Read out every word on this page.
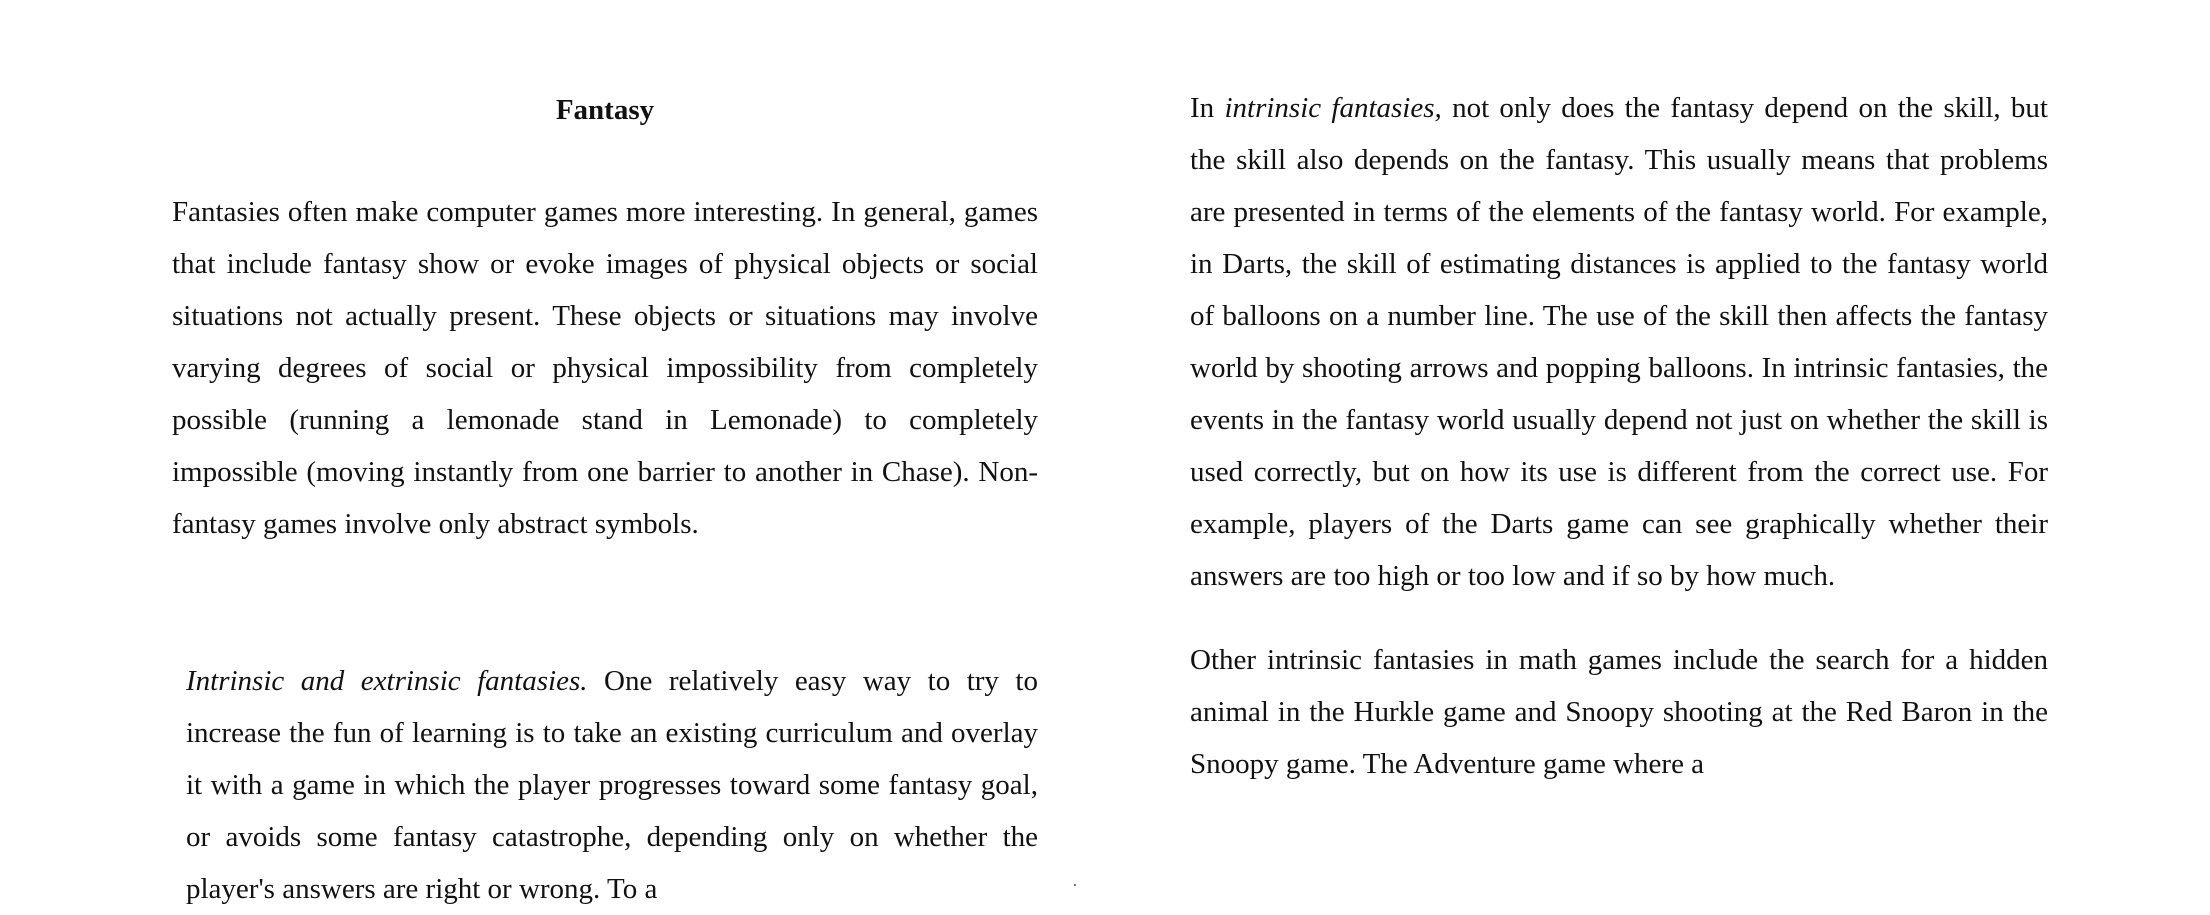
Fantasy

Fantasies often make computer games more interesting. In general, games that include fantasy show or evoke images of physical objects or social situations not actually present. These objects or situations may involve varying degrees of social or physical impossibility from completely possible (running a lemonade stand in Lemonade) to completely impossible (moving instantly from one barrier to another in Chase). Non-fantasy games involve only abstract symbols.

Intrinsic and extrinsic fantasies. One relatively easy way to try to increase the fun of learning is to take an existing curriculum and overlay it with a game in which the player progresses toward some fantasy goal, or avoids some fantasy catastrophe, depending only on whether the player's answers are right or wrong. To a

In intrinsic fantasies, not only does the fantasy depend on the skill, but the skill also depends on the fantasy. This usually means that problems are presented in terms of the elements of the fantasy world. For example, in Darts, the skill of estimating distances is applied to the fantasy world of balloons on a number line. The use of the skill then affects the fantasy world by shooting arrows and popping balloons. In intrinsic fantasies, the events in the fantasy world usually depend not just on whether the skill is used correctly, but on how its use is different from the correct use. For example, players of the Darts game can see graphically whether their answers are too high or too low and if so by how much.

Other intrinsic fantasies in math games include the search for a hidden animal in the Hurkle game and Snoopy shooting at the Red Baron in the Snoopy game. The Adventure game where a
